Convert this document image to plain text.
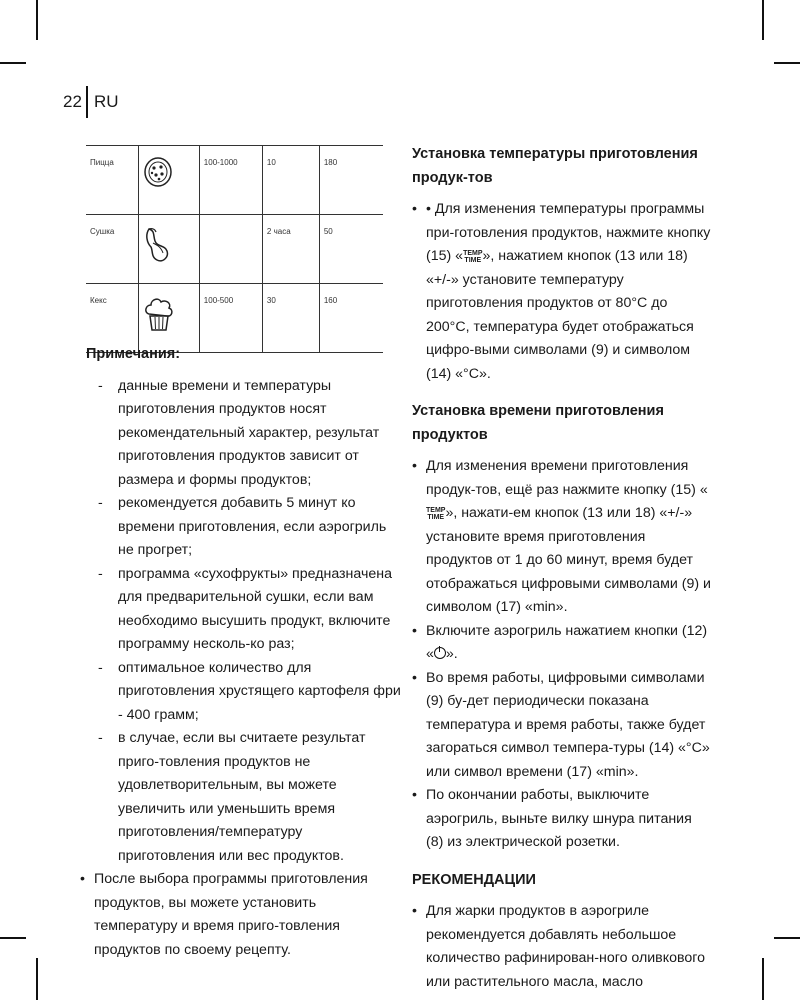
22 RU
Пицца		100-1000	10	180
Сушка			2 часа	50
Кекс		100-500	30	160
Примечания:
- данные времени и температуры приготовления продуктов носят рекомендательный характер, результат приготовления продуктов зависит от размера и формы продуктов;
- рекомендуется добавить 5 минут ко времени приготовления, если аэрогриль не прогрет;
- программа «сухофрукты» предназначена для предварительной сушки, если вам необходимо высушить продукт, включите программу несколь-ко раз;
- оптимальное количество для приготовления хрустящего картофеля фри - 400 грамм;
- в случае, если вы считаете результат приго-товления продуктов не удовлетворительным, вы можете увеличить или уменьшить время приготовления/температуру приготовления или вес продуктов.
• После выбора программы приготовления продуктов, вы можете установить температуру и время приго-товления продуктов по своему рецепту.
Установка температуры приготовления продук-тов
• • Для изменения температуры программы при-готовления продуктов, нажмите кнопку (15) « TEMP
TIME », нажатием кнопок (13 или 18) «+/-» установите температуру приготовления продуктов от 80°С до 200°С, температура будет отображаться цифро-выми символами (9) и символом (14) «°С».
Установка времени приготовления продуктов
• Для изменения времени приготовления продук-тов, ещё раз нажмите кнопку (15) «
TEMP
TIME », нажати-ем кнопок (13 или 18) «+/-» установите время приготовления продуктов от 1 до 60 минут, время будет отображаться цифровыми символами (9) и символом (17) «min».
• Включите аэрогриль нажатием кнопки (12) « ».
• Во время работы, цифровыми символами (9) бу-дет периодически показана температура и время работы, также будет загораться символ темпера-туры (14) «°С» или символ времени (17) «min».
• По окончании работы, выключите аэрогриль, выньте вилку шнура питания (8) из электрической розетки.
РЕКОМЕНДАЦИИ
• Для жарки продуктов в аэрогриле рекомендуется добавлять небольшое количество рафинирован-ного оливкового или растительного масла, масло
